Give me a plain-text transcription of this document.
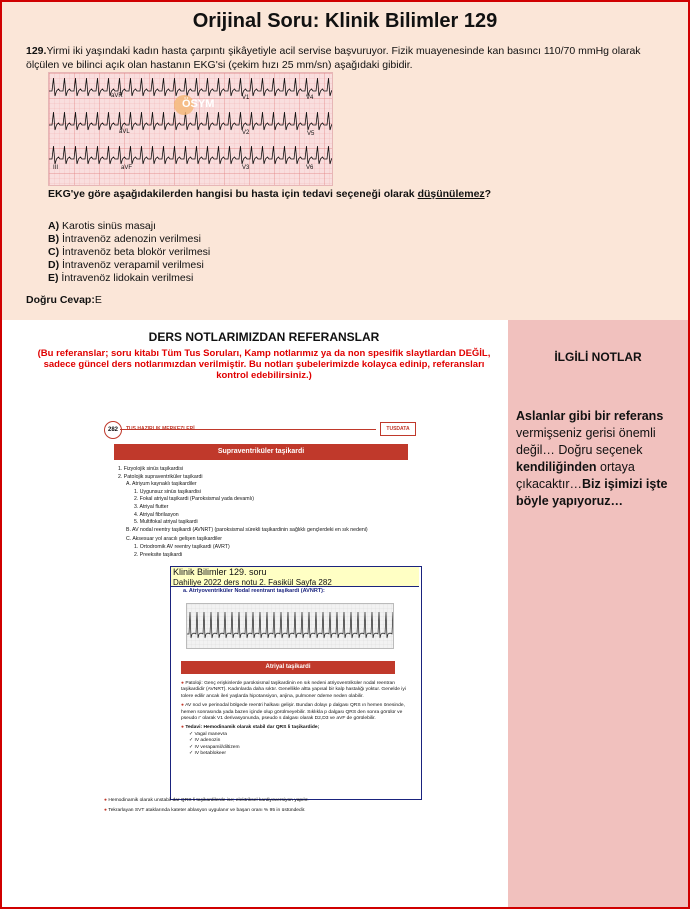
Orijinal Soru: Klinik Bilimler 129
129.Yirmi iki yaşındaki kadın hasta çarpıntı şikâyetiyle acil servise başvuruyor. Fizik muayenesinde kan basıncı 110/70 mmHg olarak ölçülen ve bilinci açık olan hastanın EKG'si (çekim hızı 25 mm/sn) aşağıdaki gibidir.
aVR	V1	V4
aVL	V2	V5
III	aVF	V3	V6
ÖSYM
EKG'ye göre aşağıdakilerden hangisi bu hasta için tedavi seçeneği olarak düşünülemez?
A) Karotis sinüs masajı
B) İntravenöz adenozin verilmesi
C) İntravenöz beta blokör verilmesi
D) İntravenöz verapamil verilmesi
E) İntravenöz lidokain verilmesi
Doğru Cevap:E
DERS NOTLARIMIZDAN REFERANSLAR
(Bu referanslar; soru kitabı Tüm Tus Soruları, Kamp notlarımız ya da non spesifik slaytlardan DEĞİL, sadece güncel ders notlarımızdan verilmiştir. Bu notları şubelerimizde kolayca edinip, referansları kontrol edebilirsiniz.)
282	TUS HAZIRLIK MERKEZLERİ	TUSDATA
Supraventriküler taşikardi
1. Fizyolojik sinüs taşikardisi
2. Patolojik supraventriküler taşikardi
A. Atriyum kaynaklı taşikardiler
1. Uygunsuz sinüs taşikardisi
2. Fokal atriyal taşikardi (Paroksismal yada devamlı)
3. Atriyal flutter
4. Atriyal fibrilasyon
5. Multifokal atriyal taşikardi
B. AV nodal reentry taşikardi (AVNRT) (paroksismal sürekli taşikardinin sağlıklı gençlerdeki en sık nedeni)
C. Aksesuar yol aracılı gelişen taşikardiler
1. Ortodromik AV reentry taşikardi (AVRT)
2. Preeksite taşikardi
Klinik Bilimler 129. soru
Dahiliye 2022 ders notu 2. Fasikül Sayfa 282
a. Atriyoventriküler Nodal reentrant taşikardi (AVNRT):
Atriyal taşikardi
● Patoloji: Genç erişkinlerde paroksismal taşikardinin en sık nedeni atriyoventriküler nodal reentran taşikardidir (AVNRT). Kadınlarda daha sıktır. Genellikle altta yapısal bir kalp hastalığı yoktur. Genelde iyi tolere edilir ancak ileri yaşlarda hipotansiyon, anjina, pulmoner ödeme neden olabilir.
● AV nod ve perinodal bölgede reentri halkası gelişir. Bundan dolayı p dalgası QRS ın hemen önesinde, hemen sonrasında yada bazen içinde olup görülmeyebilir. Sıklıkla p dalgası QRS den sonra görülür ve pseudo r' olarak V1 derivasyonunda, pseudo s dalgası olarak D2,D3 ve aVF de görülebilir.
● Tedavi: Hemodinamik olarak stabil dar QRS li taşikardide;
✓ Vagal manevra
✓ IV adenozin
✓ IV verapamil/diltizem
✓ IV betablokeer
● Hemodinamik olarak unstabil dar QRS li taşikardilerde ise; elektriksel kardiyoversiyon yapılır.
● Tekrarlayan SVT ataklarında kateter ablasyon uygulanır ve başarı oranı % 95 in üstündedir.
İLGİLİ NOTLAR
Aslanlar gibi bir referans vermişseniz gerisi önemli değil… Doğru seçenek kendiliğinden ortaya çıkacaktır…Biz işimizi işte böyle yapıyoruz…
